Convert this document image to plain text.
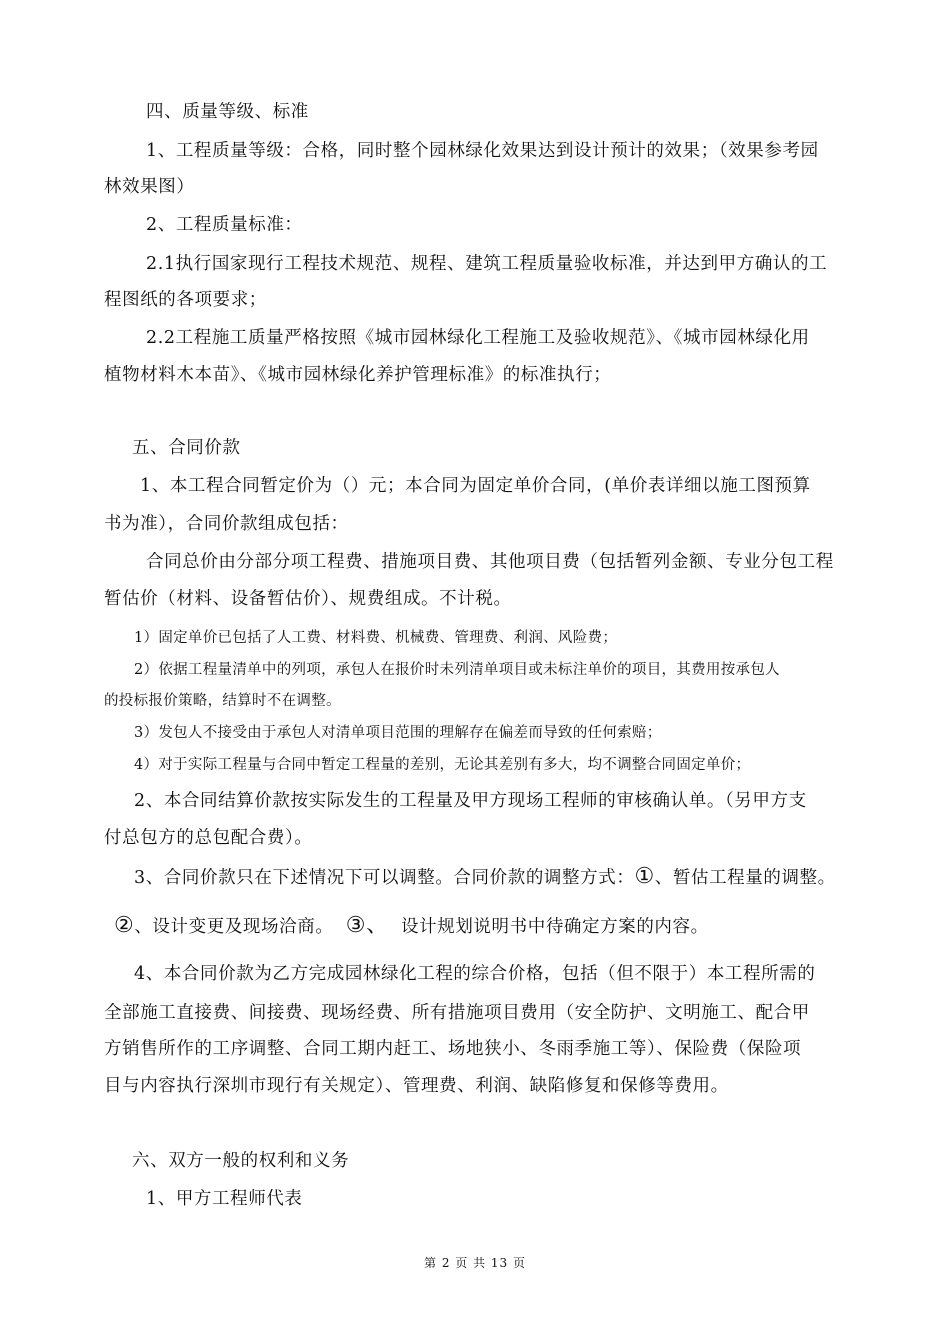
四、质量等级、标准
1、工程质量等级：合格，同时整个园林绿化效果达到设计预计的效果；（效果参考园
林效果图）
2、工程质量标准：
2.1执行国家现行工程技术规范、规程、建筑工程质量验收标准，并达到甲方确认的工
程图纸的各项要求；
2.2工程施工质量严格按照《城市园林绿化工程施工及验收规范》、《城市园林绿化用
植物材料木本苗》、《城市园林绿化养护管理标准》的标准执行；
五、合同价款
1、本工程合同暂定价为（）元；本合同为固定单价合同，(单价表详细以施工图预算
书为准），合同价款组成包括：
合同总价由分部分项工程费、措施项目费、其他项目费（包括暂列金额、专业分包工程
暂估价（材料、设备暂估价）、规费组成。不计税。
1）固定单价已包括了人工费、材料费、机械费、管理费、利润、风险费；
2）依据工程量清单中的列项，承包人在报价时未列清单项目或未标注单价的项目，其费用按承包人
的投标报价策略，结算时不在调整。
3）发包人不接受由于承包人对清单项目范围的理解存在偏差而导致的任何索赔；
4）对于实际工程量与合同中暂定工程量的差别，无论其差别有多大，均不调整合同固定单价；
2、本合同结算价款按实际发生的工程量及甲方现场工程师的审核确认单。（另甲方支
付总包方的总包配合费）。
3、合同价款只在下述情况下可以调整。合同价款的调整方式：①、暂估工程量的调整。
②、设计变更及现场洽商。 ③、 设计规划说明书中待确定方案的内容。
4、本合同价款为乙方完成园林绿化工程的综合价格，包括（但不限于）本工程所需的
全部施工直接费、间接费、现场经费、所有措施项目费用（安全防护、文明施工、配合甲
方销售所作的工序调整、合同工期内赶工、场地狭小、冬雨季施工等）、保险费（保险项
目与内容执行深圳市现行有关规定）、管理费、利润、缺陷修复和保修等费用。
六、双方一般的权利和义务
1、甲方工程师代表
第 2 页 共 13 页
